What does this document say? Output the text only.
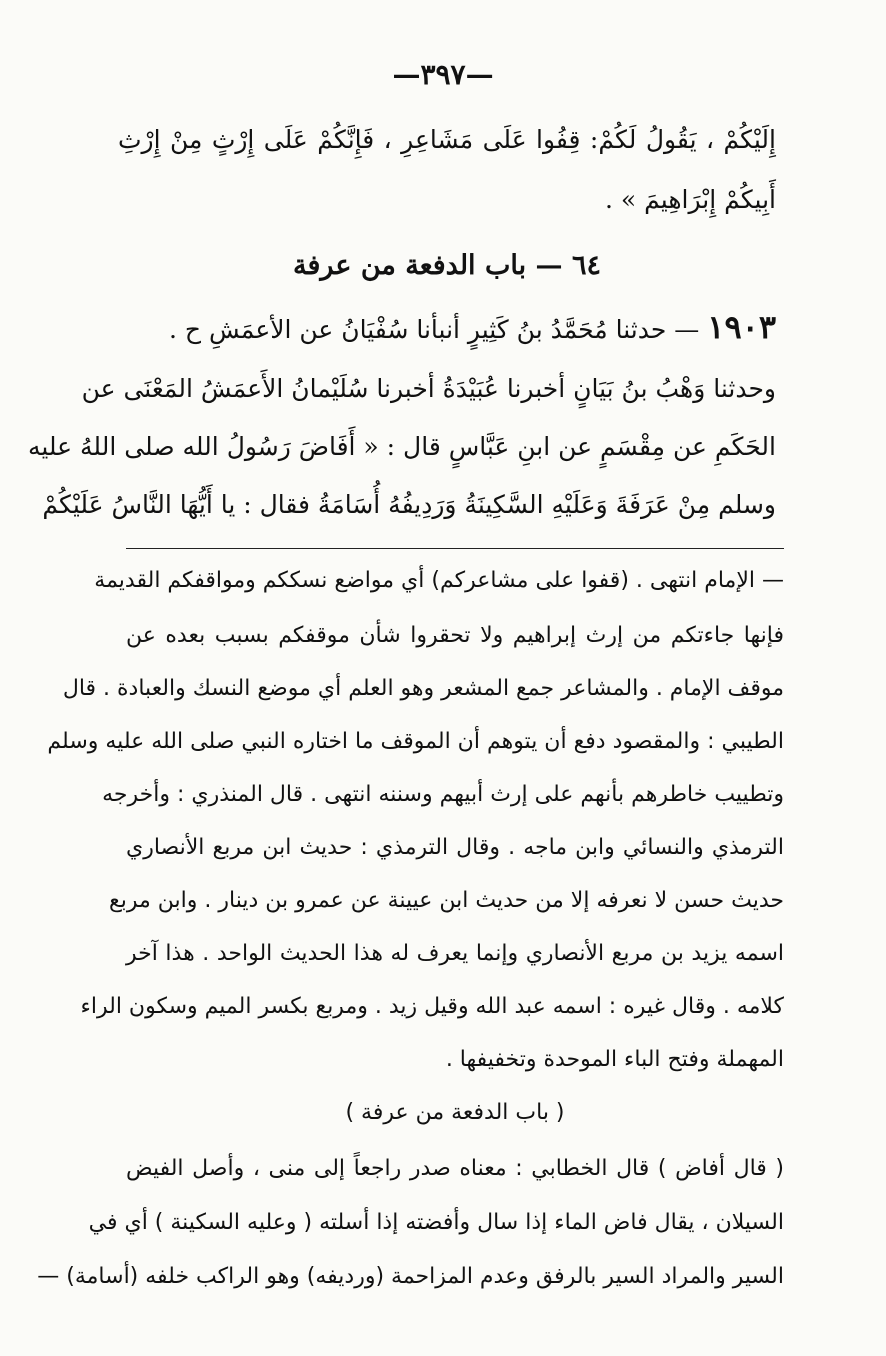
—٣٩٧—
إِلَيْكُمْ ، يَقُولُ لَكُمْ: قِفُوا عَلَى مَشَاعِرِ ، فَإِنَّكُمْ عَلَى إِرْثٍ مِنْ إِرْثِ
أَبِيكُمْ إِبْرَاهِيمَ » .
٦٤ — باب الدفعة من عرفة
١٩٠٣ — حدثنا مُحَمَّدُ بنُ كَثِيرٍ أنبأنا سُفْيَانُ عن الأعمَشِ ح .
وحدثنا وَهْبُ بنُ بَيَانٍ أخبرنا عُبَيْدَةُ أخبرنا سُلَيْمانُ الأَعمَشُ المَعْنَى عن
الحَكَمِ عن مِقْسَمٍ عن ابنِ عَبَّاسٍ قال : « أَفَاضَ رَسُولُ الله صلى اللهُ عليه
وسلم مِنْ عَرَفَةَ وَعَلَيْهِ السَّكِينَةُ وَرَدِيفُهُ أُسَامَةُ فقال : يا أَيُّهَا النَّاسُ عَلَيْكُمْ
— الإمام انتهى . (قفوا على مشاعركم) أي مواضع نسككم ومواقفكم القديمة
فإنها جاءتكم من إرث إبراهيم ولا تحقروا شأن موقفكم بسبب بعده عن
موقف الإمام . والمشاعر جمع المشعر وهو العلم أي موضع النسك والعبادة . قال
الطيبي : والمقصود دفع أن يتوهم أن الموقف ما اختاره النبي صلى الله عليه وسلم
وتطييب خاطرهم بأنهم على إرث أبيهم وسننه انتهى . قال المنذري : وأخرجه
الترمذي والنسائي وابن ماجه . وقال الترمذي : حديث ابن مربع الأنصاري
حديث حسن لا نعرفه إلا من حديث ابن عيينة عن عمرو بن دينار . وابن مربع
اسمه يزيد بن مربع الأنصاري وإنما يعرف له هذا الحديث الواحد . هذا آخر
كلامه . وقال غيره : اسمه عبد الله وقيل زيد . ومربع بكسر الميم وسكون الراء
المهملة وفتح الباء الموحدة وتخفيفها .
( باب الدفعة من عرفة )
( قال أفاض ) قال الخطابي : معناه صدر راجعاً إلى منى ، وأصل الفيض
السيلان ، يقال فاض الماء إذا سال وأفضته إذا أسلته ( وعليه السكينة ) أي في
السير والمراد السير بالرفق وعدم المزاحمة (ورديفه) وهو الراكب خلفه (أسامة) —
